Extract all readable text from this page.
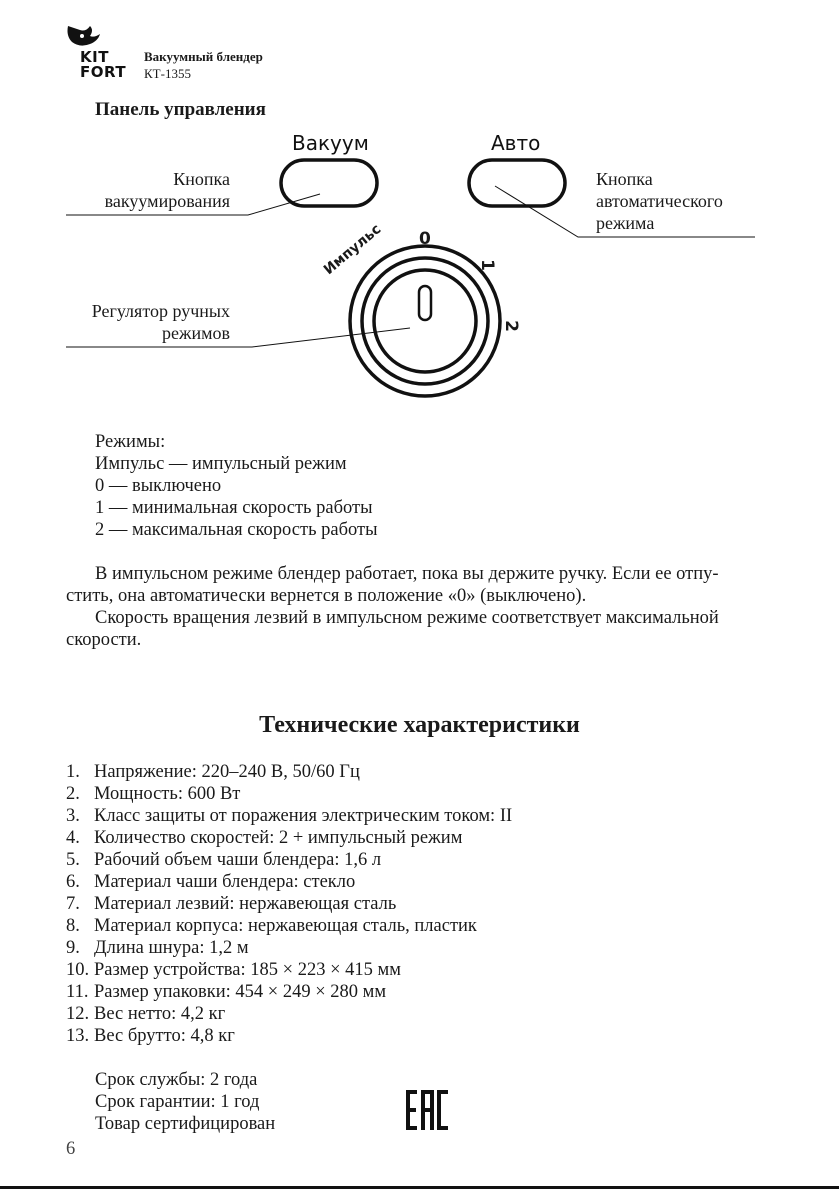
KIT
FORT
Вакуумный блендер
КТ-1355
Панель управления
Вакуум	Авто
Кнопка
вакуумирования
Кнопка
автоматического
режима
Регулятор ручных
режимов
0
1
2
Импульс
Режимы:
Импульс — импульсный режим
0 — выключено
1 — минимальная скорость работы
2 — максимальная скорость работы
В импульсном режиме блендер работает, пока вы держите ручку. Если ее отпу-
стить, она автоматически вернется в положение «0» (выключено).
Скорость вращения лезвий в импульсном режиме соответствует максимальной
скорости.
Технические характеристики
1. Напряжение: 220–240 В, 50/60 Гц
2. Мощность: 600 Вт
3. Класс защиты от поражения электрическим током: II
4. Количество скоростей: 2 + импульсный режим
5. Рабочий объем чаши блендера: 1,6 л
6. Материал чаши блендера: стекло
7. Материал лезвий: нержавеющая сталь
8. Материал корпуса: нержавеющая сталь, пластик
9. Длина шнура: 1,2 м
10. Размер устройства: 185 × 223 × 415 мм
11. Размер упаковки: 454 × 249 × 280 мм
12. Вес нетто: 4,2 кг
13. Вес брутто: 4,8 кг
Срок службы: 2 года
Срок гарантии: 1 год
Товар сертифицирован
6
